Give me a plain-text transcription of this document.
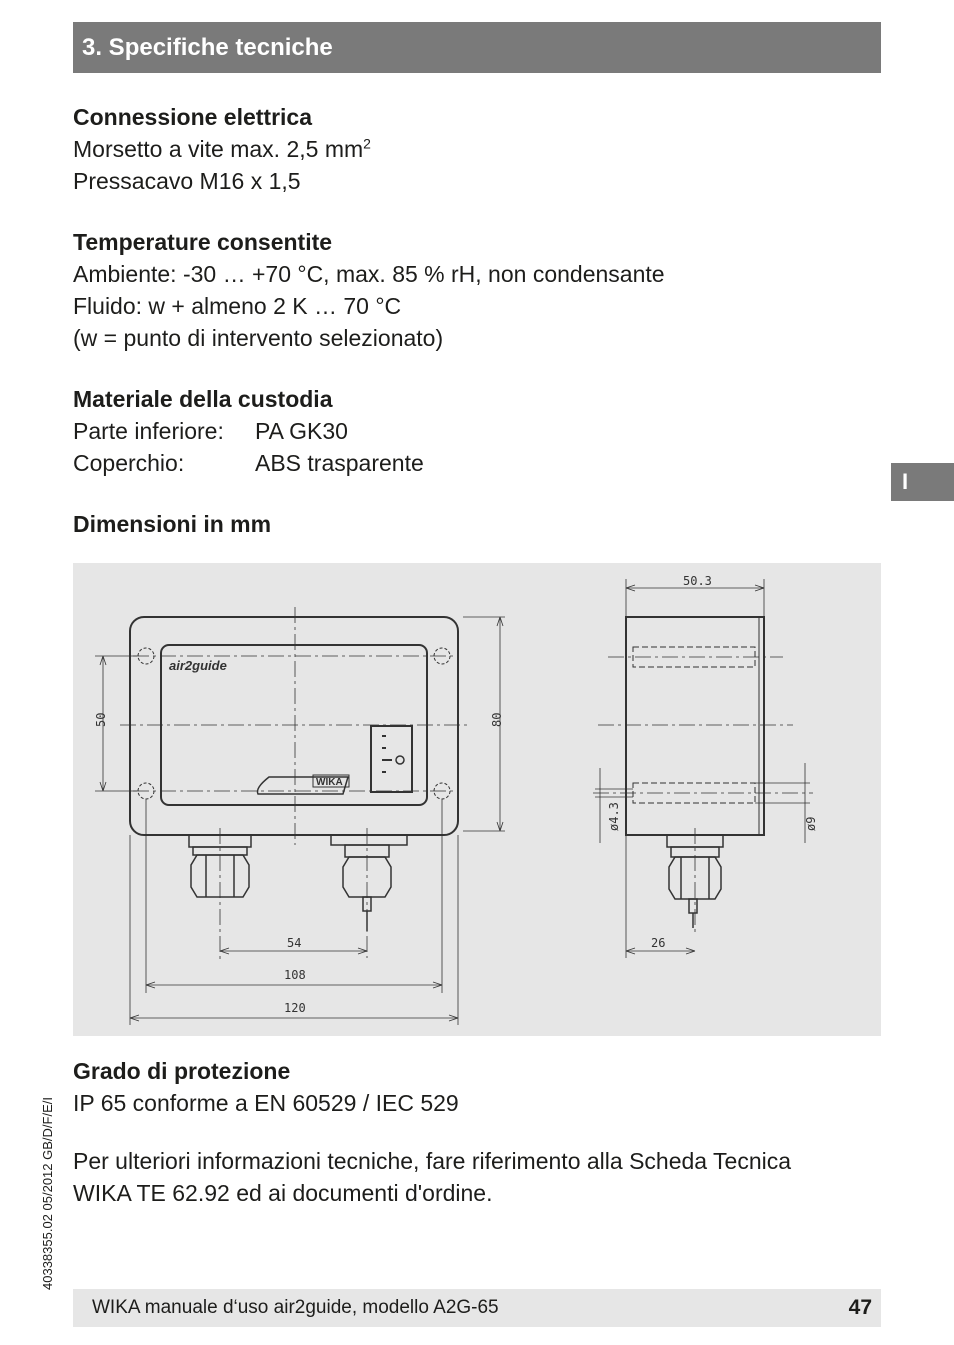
3. Specifiche tecniche
I
Connessione elettrica
Morsetto a vite max. 2,5 $mm^2$
Pressacavo M16 x 1,5
Temperature consentite
Ambiente: -30 … +70 °C, max. 85 % rH, non condensante
Fluido: w + almeno 2 K … 70 °C
(w = punto di intervento selezionato)
Materiale della custodia
Parte inferiore:	PA GK30
Coperchio:	ABS trasparente
Dimensioni in mm
air2guide
WIKA
50	80
54
108
120
50.3
26
ø4.3	ø9
Grado di protezione
IP 65 conforme a EN 60529 / IEC 529
Per ulteriori informazioni tecniche, fare riferimento alla Scheda Tecnica
WIKA TE 62.92 ed ai documenti d'ordine.
40338355.02 05/2012 GB/D/F/E/I
WIKA manuale d‘uso air2guide, modello A2G-65	47
